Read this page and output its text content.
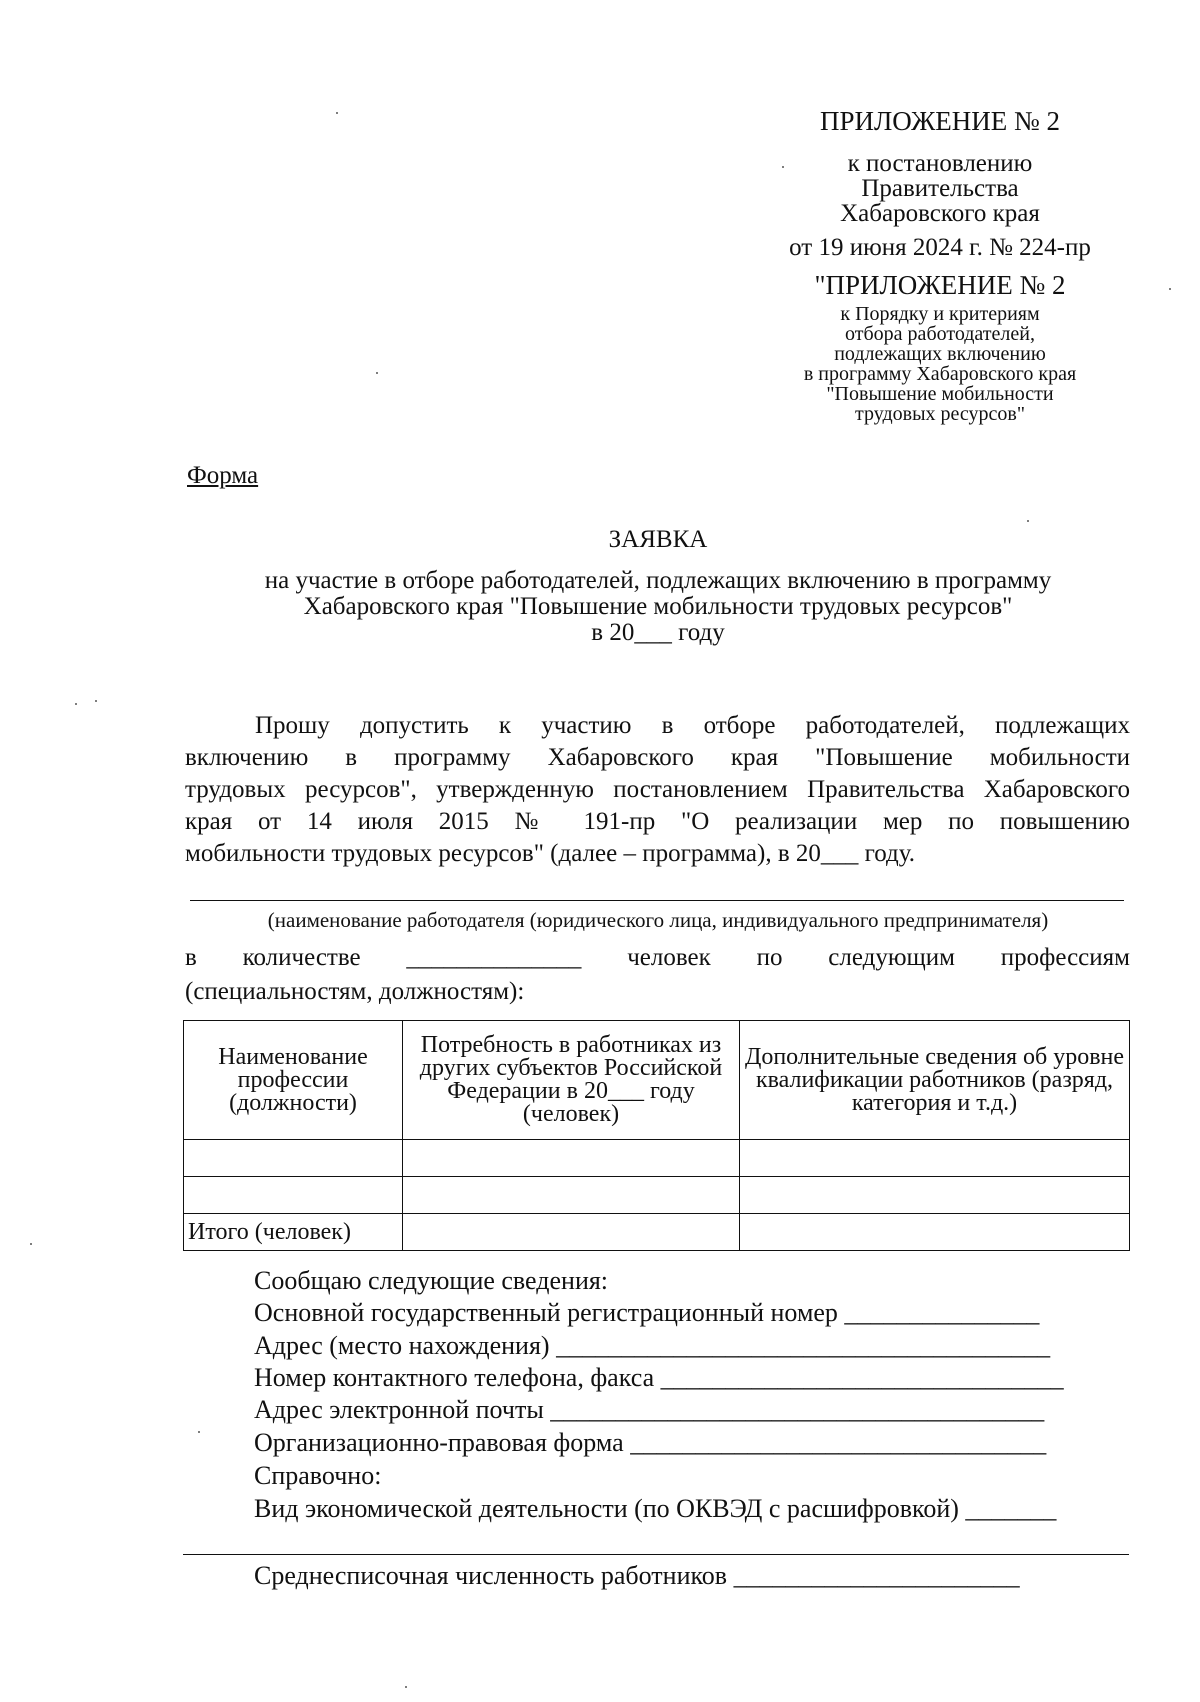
ПРИЛОЖЕНИЕ № 2
к постановлению
Правительства
Хабаровского края
от 19 июня 2024 г. № 224-пр
"ПРИЛОЖЕНИЕ № 2
к Порядку и критериям
отбора работодателей,
подлежащих включению
в программу Хабаровского края
"Повышение мобильности
трудовых ресурсов"
Форма
ЗАЯВКА
на участие в отборе работодателей, подлежащих включению в программу
Хабаровского края "Повышение мобильности трудовых ресурсов"
в 20___ году
Прошу допустить к участию в отборе работодателей, подлежащих
включению в программу Хабаровского края "Повышение мобильности
трудовых ресурсов", утвержденную постановлением Правительства Хабаровского
края от 14 июля 2015 № 191-пр "О реализации мер по повышению
мобильности трудовых ресурсов" (далее – программа), в 20___ году.
(наименование работодателя (юридического лица, индивидуального предпринимателя)
в количестве ______________ человек по следующим профессиям
(специальностям, должностям):
Наименование профессии (должности)	Потребность в работниках из других субъектов Российской Федерации в 20___ году (человек)	Дополнительные сведения об уровне квалификации работников (разряд, категория и т.д.)

Итого (человек)		
Сообщаю следующие сведения:
Основной государственный регистрационный номер _______________
Адрес (место нахождения) ______________________________________
Номер контактного телефона, факса _______________________________
Адрес электронной почты ______________________________________
Организационно-правовая форма ________________________________
Справочно:
Вид экономической деятельности (по ОКВЭД с расшифровкой) _______
Среднесписочная численность работников ______________________
